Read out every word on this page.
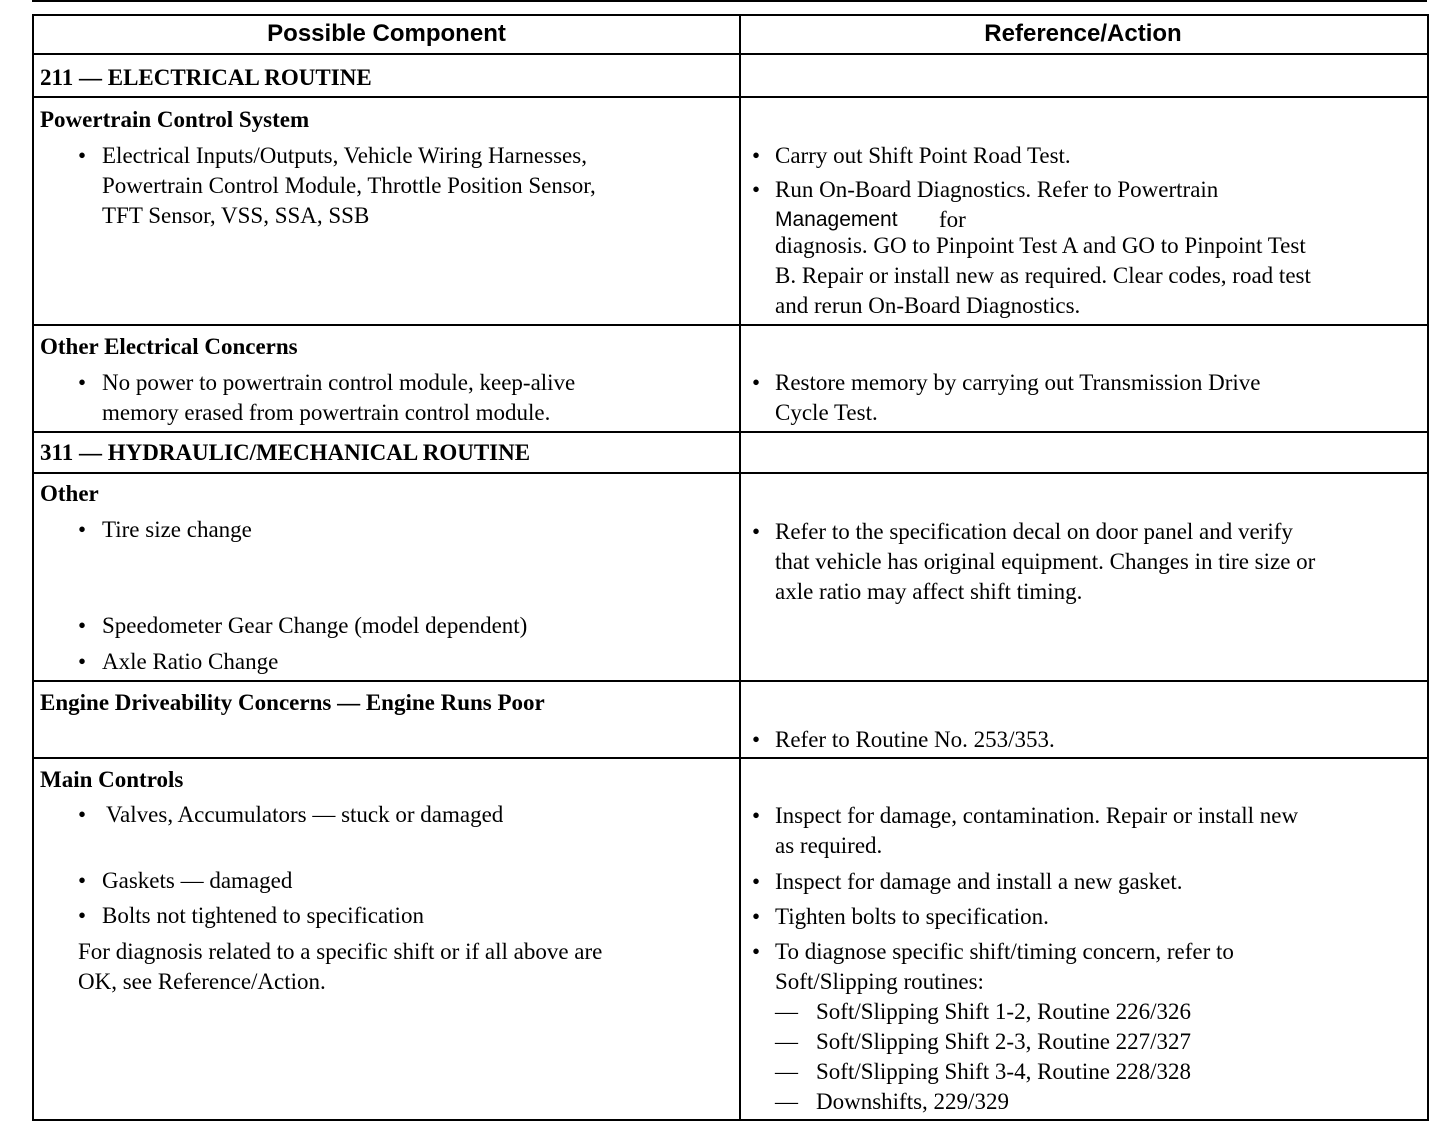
Possible Component	Reference/Action
211 — ELECTRICAL ROUTINE
Powertrain Control System
• Electrical Inputs/Outputs, Vehicle Wiring Harnesses,
Powertrain Control Module, Throttle Position Sensor,
TFT Sensor, VSS, SSA, SSB
• Carry out Shift Point Road Test.
• Run On-Board Diagnostics. Refer to Powertrain
Management for
diagnosis. GO to Pinpoint Test A and GO to Pinpoint Test
B. Repair or install new as required. Clear codes, road test
and rerun On-Board Diagnostics.
Other Electrical Concerns
• No power to powertrain control module, keep-alive
memory erased from powertrain control module.
• Restore memory by carrying out Transmission Drive
Cycle Test.
311 — HYDRAULIC/MECHANICAL ROUTINE
Other
• Tire size change
• Speedometer Gear Change (model dependent)
• Axle Ratio Change
• Refer to the specification decal on door panel and verify
that vehicle has original equipment. Changes in tire size or
axle ratio may affect shift timing.
Engine Driveability Concerns — Engine Runs Poor
• Refer to Routine No. 253/353.
Main Controls
• Valves, Accumulators — stuck or damaged
• Gaskets — damaged
• Bolts not tightened to specification
For diagnosis related to a specific shift or if all above are
OK, see Reference/Action.
• Inspect for damage, contamination. Repair or install new
as required.
• Inspect for damage and install a new gasket.
• Tighten bolts to specification.
• To diagnose specific shift/timing concern, refer to
Soft/Slipping routines:
— Soft/Slipping Shift 1-2, Routine 226/326
— Soft/Slipping Shift 2-3, Routine 227/327
— Soft/Slipping Shift 3-4, Routine 228/328
— Downshifts, 229/329
